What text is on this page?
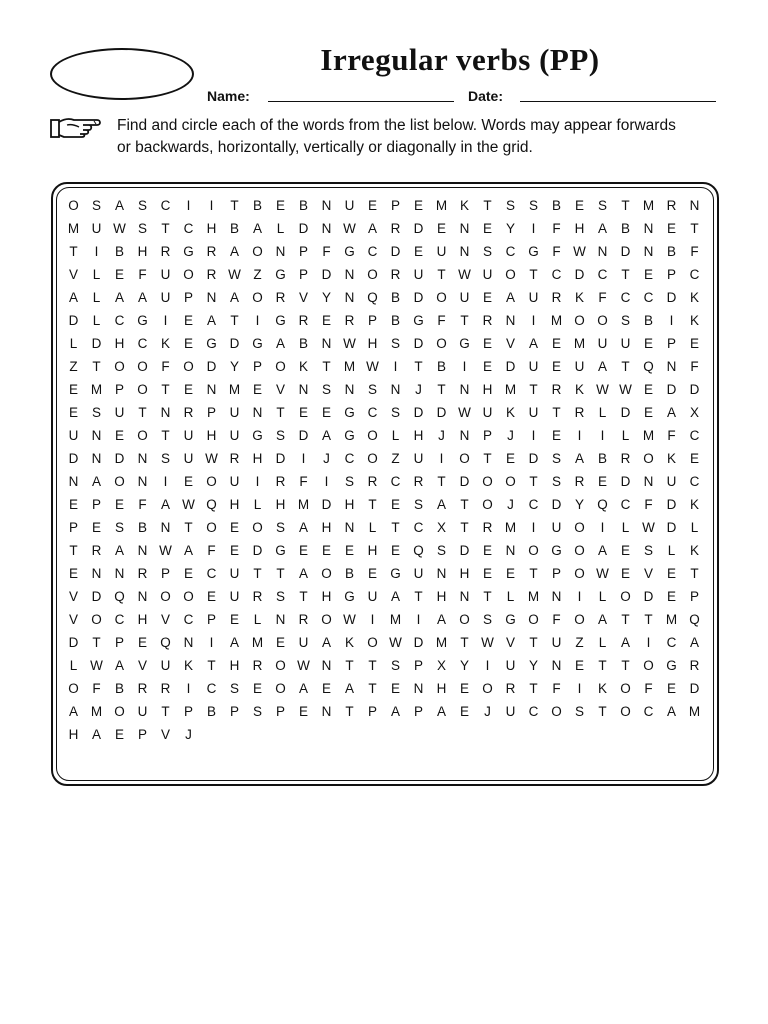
Irregular verbs (PP)
Name:	Date:

Find and circle each of the words from the list below. Words may appear forwards or backwards, horizontally, vertically or diagonally in the grid.

O S	A	S	C	I	I	T	B	E	B	N U	E	P	E M K	T	S	S	B	E	S	T M R N
M U W S	T	C H	B	A	L	D N W A	R D	E	N	E	Y	I	F	H	A	B	N	E	T
T	I	B	H R G R	A O N	P	F	G C D	E	U N	S	C G	F W N D N	B	F
V	L	E	F	U O R W Z	G P	D N O R U	T W U O	T	C D C	T	E	P	C
A	L	A	A	U	P	N	A O R	V	Y	N Q B	D O U	E	A	U R	K	F	C C D	K
D	L	C G	I	E	A	T	I	G R	E	R	P	B G	F	T	R N	I	M O O S	B	I	K
L	D H C	K	E G D G A	B	N W H	S	D O G E	V	A	E M U U	E	P	E
Z	T	O O	F	O D	Y	P O K	T M W	I	T	B	I	E	D U	E	U	A	T	Q N	F
E M P O	T	E	N M E	V	N	S	N	S	N	J	T	N H M T	R	K W W E	D D
E	S	U	T	N R	P	U N	T	E	E G C	S	D D W U	K	U	T	R	L	D	E	A	X
U N	E O	T	U H U G S	D	A G O	L	H	J	N	P	J	I	E	I	I	L	M F	C
D N D N	S	U W R H D	I	J	C O	Z	U	I	O	T	E	D	S	A	B	R O K	E
N	A O N	I	E O U	I	R	F	I	S	R C R	T	D O O	T	S	R	E	D N U C
E	P	E	F	A W Q H	L	H M D H	T	E	S	A	T	O	J	C D	Y Q C	F	D	K
P	E	S	B	N	T	O E O S	A	H N	L	T	C	X	T	R M	I	U O	I	L W D	L
T	R	A	N W A	F	E	D G E	E	E	H	E Q S	D	E	N O G O A	E	S	L	K
E	N N R	P	E	C U	T	T	A O B	E G U N H	E	E	T	P O W E	V	E	T
V	D Q N O O E	U R	S	T	H G U	A	T	H N	T	L	M N	I	L	O D	E	P
V O C H	V	C	P	E	L	N R O W	I	M	I	A O S G O	F	O A	T	T M Q
D	T	P	E Q N	I	A M E	U	A	K O W D M T W V	T	U	Z	L	A	I	C	A
L W A	V	U	K	T	H R O W N	T	T	S	P	X	Y	I	U	Y	N	E	T	T	O G R
O	F	B	R R	I	C	S	E O A	E	A	T	E	N H	E O R	T	F	I	K O	F	E	D
A M O U	T	P	B	P	S	P	E	N	T	P	A	P	A	E	J	U C O S	T	O C	A M
H	A	E	P	V	J
